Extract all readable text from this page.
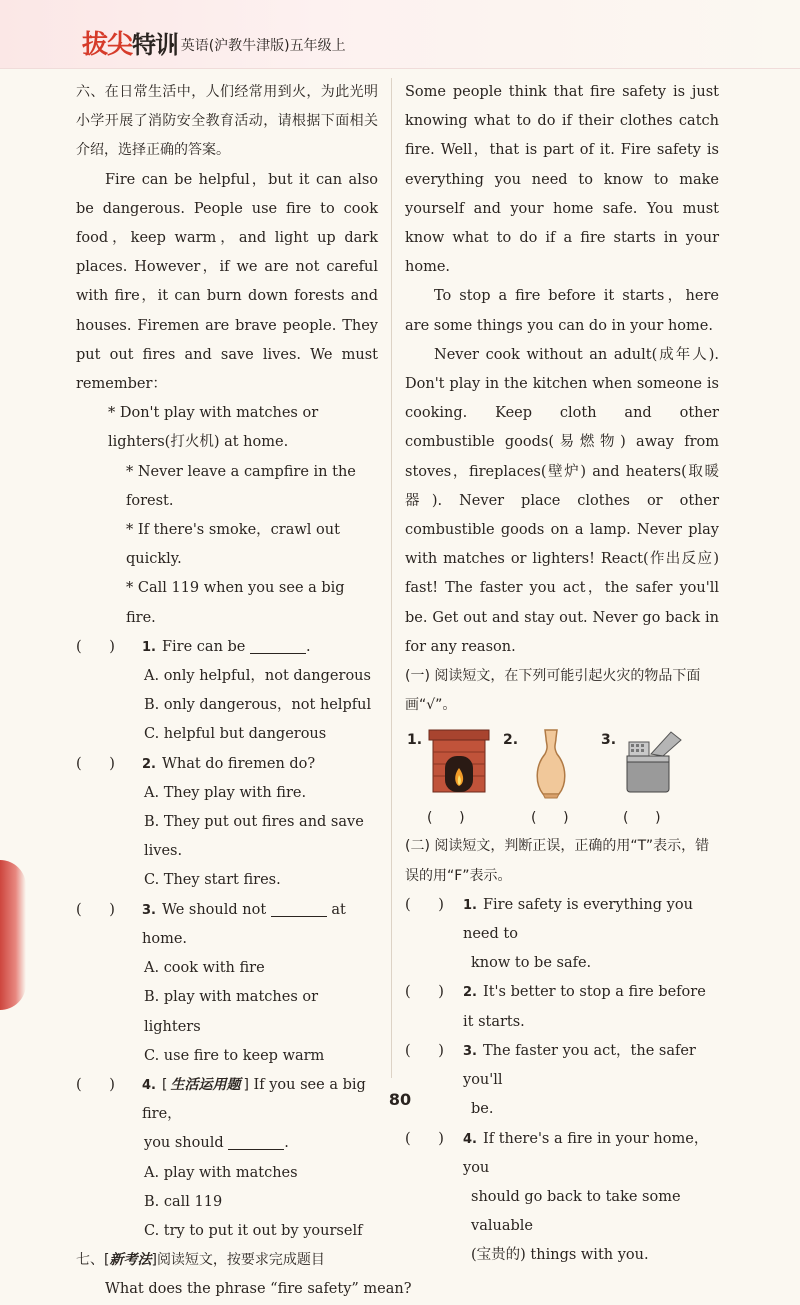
拔尖特训
• 英语(沪教牛津版)五年级上
六、在日常生活中，人们经常用到火，为此光明小学开展了消防安全教育活动，请根据下面相关介绍，选择正确的答案。
Fire can be helpful，but it can also be dangerous. People use fire to cook food，keep warm，and light up dark places. However，if we are not careful with fire，it can burn down forests and houses. Firemen are brave people. They put out fires and save lives. We must remember：
* Don't play with matches or lighters(打火机) at home.
* Never leave a campfire in the forest.
* If there's smoke，crawl out quickly.
* Call 119 when you see a big fire.
(      )	1. Fire can be	.
A. only helpful，not dangerous
B. only dangerous，not helpful
C. helpful but dangerous
(      )	2. What do firemen do?
A. They play with fire.
B. They put out fires and save lives.
C. They start fires.
(      )	3. We should not	at home.
A. cook with fire
B. play with matches or lighters
C. use fire to keep warm
(      )	4. [ 生活运用题 ] If you see a big fire，
you should	.
A. play with matches
B. call 119
C. try to put it out by yourself
七、[新考法]阅读短文，按要求完成题目
What does the phrase “fire safety” mean?
Some people think that fire safety is just knowing what to do if their clothes catch fire. Well，that is part of it. Fire safety is everything you need to know to make yourself and your home safe. You must know what to do if a fire starts in your home.
To stop a fire before it starts，here are some things you can do in your home.
Never cook without an adult(成年人). Don't play in the kitchen when someone is cooking. Keep cloth and other combustible goods(易燃物) away from stoves，fireplaces(壁炉) and heaters(取暖器). Never place clothes or other combustible goods on a lamp. Never play with matches or lighters! React(作出反应) fast! The faster you act，the safer you'll be. Get out and stay out. Never go back in for any reason.
(一) 阅读短文，在下列可能引起火灾的物品下面画“√”。
1.	2.	3.
(      )	(      )	(      )
(二) 阅读短文，判断正误，正确的用“T”表示，错误的用“F”表示。
(      )	1. Fire safety is everything you need to
know to be safe.
(      )	2. It's better to stop a fire before it starts.
(      )	3. The faster you act，the safer you'll
be.
(      )	4. If there's a fire in your home，you
should go back to take some valuable
(宝贵的) things with you.
80
